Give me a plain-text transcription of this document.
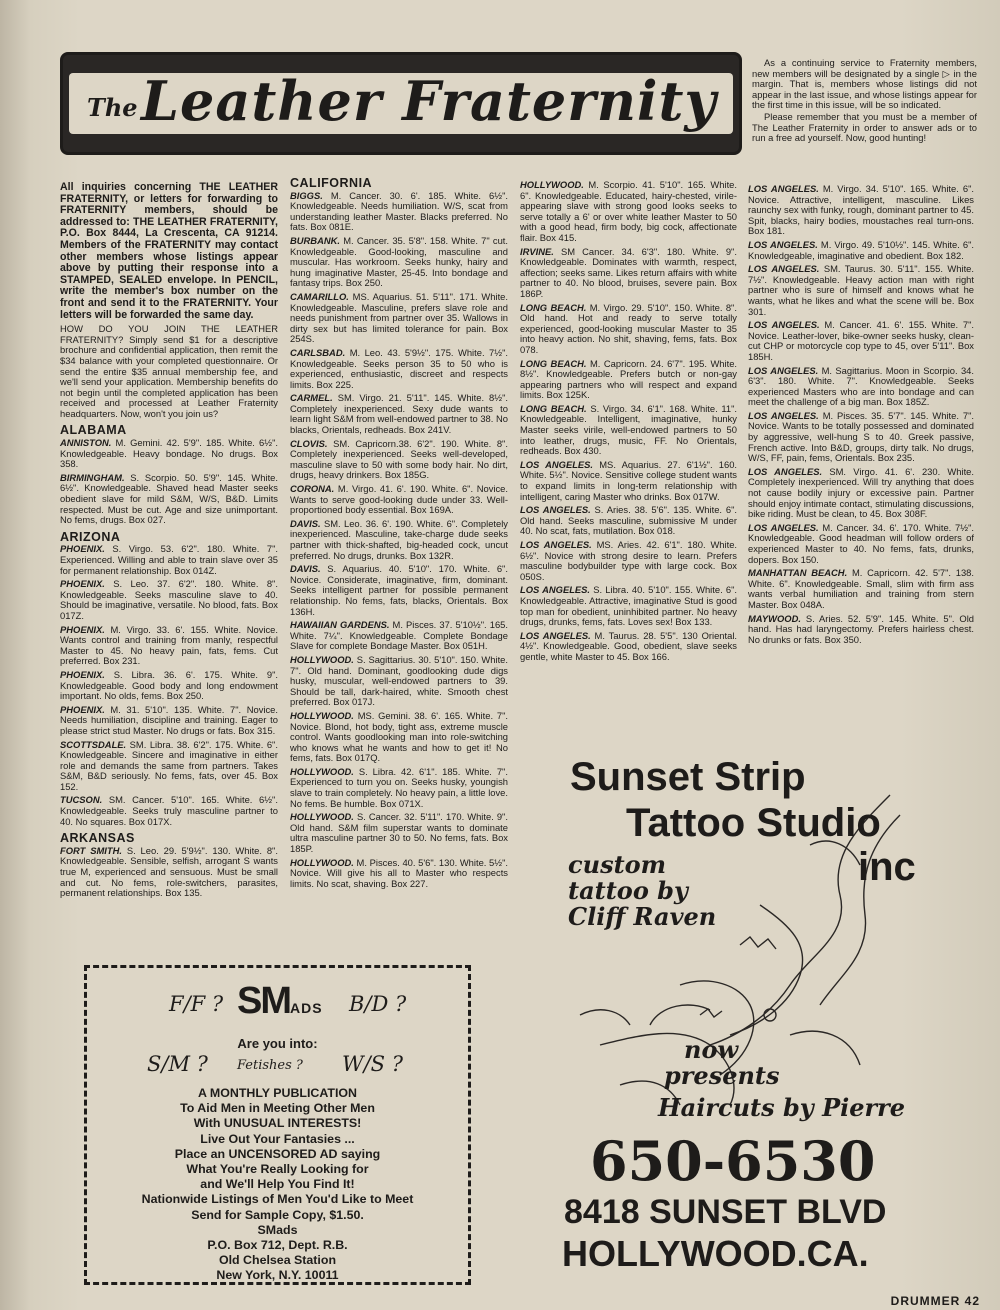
The Leather Fraternity

As a continuing service to Fraternity members, new members will be designated by a single ▷ in the margin. That is, members whose listings did not appear in the last issue, and whose listings appear for the first time in this issue, will be so indicated.

Please remember that you must be a member of The Leather Fraternity in order to answer ads or to run a free ad yourself. Now, good hunting!

All inquiries concerning THE LEATHER FRATERNITY, or letters for forwarding to FRATERNITY members, should be addressed to: THE LEATHER FRATERNITY, P.O. Box 8444, La Crescenta, CA 91214. Members of the FRATERNITY may contact other members whose listings appear above by putting their response into a STAMPED, SEALED envelope. In PENCIL, write the member's box number on the front and send it to the FRATERNITY. Your letters will be forwarded the same day.

HOW DO YOU JOIN THE LEATHER FRATERNITY? Simply send $1 for a descriptive brochure and confidential application, then remit the $34 balance with your completed questionnaire. Or send the entire $35 annual membership fee, and we'll send your application. Membership benefits do not begin until the completed application has been received and processed at Leather Fraternity headquarters. Now, won't you join us?

ALABAMA

ANNISTON. M. Gemini. 42. 5'9". 185. White. 6½". Knowledgeable. Heavy bondage. No drugs. Box 358.

BIRMINGHAM. S. Scorpio. 50. 5'9". 145. White. 6½". Knowledgeable. Shaved head Master seeks obedient slave for mild S&M, W/S, B&D. Limits respected. Must be cut. Age and size unimportant. No fems, drugs. Box 027.

ARIZONA

PHOENIX. S. Virgo. 53. 6'2". 180. White. 7". Experienced. Willing and able to train slave over 35 for permanent relationship. Box 014Z.

PHOENIX. S. Leo. 37. 6'2". 180. White. 8". Knowledgeable. Seeks masculine slave to 40. Should be imaginative, versatile. No blood, fats. Box 017Z.

PHOENIX. M. Virgo. 33. 6'. 155. White. Novice. Wants control and training from manly, respectful Master to 45. No heavy pain, fats, fems. Cut preferred. Box 231.

PHOENIX. S. Libra. 36. 6'. 175. White. 9". Knowledgeable. Good body and long endowment important. No olds, fems. Box 250.

PHOENIX. M. 31. 5'10". 135. White. 7". Novice. Needs humiliation, discipline and training. Eager to please strict stud Master. No drugs or fats. Box 315.

SCOTTSDALE. SM. Libra. 38. 6'2". 175. White. 6". Knowledgeable. Sincere and imaginative in either role and demands the same from partners. Takes S&M, B&D seriously. No fems, fats, over 45. Box 152.

TUCSON. SM. Cancer. 5'10". 165. White. 6½". Knowledgeable. Seeks truly masculine partner to 40. No squares. Box 017X.

ARKANSAS

FORT SMITH. S. Leo. 29. 5'9½". 130. White. 8". Knowledgeable. Sensible, selfish, arrogant S wants true M, experienced and sensuous. Must be small and cut. No fems, role-switchers, parasites, permanent relationships. Box 135.

CALIFORNIA

BIGGS. M. Cancer. 30. 6'. 185. White. 6½". Knowledgeable. Needs humiliation. W/S, scat from understanding leather Master. Blacks preferred. No fats. Box 081E.

BURBANK. M. Cancer. 35. 5'8". 158. White. 7" cut. Knowledgeable. Good-looking, masculine and muscular. Has workroom. Seeks hunky, hairy and hung imaginative Master, 25-45. Into bondage and fantasy trips. Box 250.

CAMARILLO. MS. Aquarius. 51. 5'11". 171. White. Knowledgeable. Masculine, prefers slave role and needs punishment from partner over 35. Wallows in dirty sex but has limited tolerance for pain. Box 254S.

CARLSBAD. M. Leo. 43. 5'9½". 175. White. 7½". Knowledgeable. Seeks person 35 to 50 who is experienced, enthusiastic, discreet and respects limits. Box 225.

CARMEL. SM. Virgo. 21. 5'11". 145. White. 8½". Completely inexperienced. Sexy dude wants to learn light S&M from well-endowed partner to 38. No blacks, Orientals, redheads. Box 241V.

CLOVIS. SM. Capricorn.38. 6'2". 190. White. 8". Completely inexperienced. Seeks well-developed, masculine slave to 50 with some body hair. No dirt, drugs, heavy drinkers. Box 185G.

CORONA. M. Virgo. 41. 6'. 190. White. 6". Novice. Wants to serve good-looking dude under 33. Well-proportioned body essential. Box 169A.

DAVIS. SM. Leo. 36. 6'. 190. White. 6". Completely inexperienced. Masculine, take-charge dude seeks partner with thick-shafted, big-headed cock, uncut preferred. No drugs, drunks. Box 132R.

DAVIS. S. Aquarius. 40. 5'10". 170. White. 6". Novice. Considerate, imaginative, firm, dominant. Seeks intelligent partner for possible permanent relationship. No fems, fats, blacks, Orientals. Box 136H.

HAWAIIAN GARDENS. M. Pisces. 37. 5'10½". 165. White. 7¼". Knowledgeable. Complete Bondage Slave for complete Bondage Master. Box 051H.

HOLLYWOOD. S. Sagittarius. 30. 5'10". 150. White. 7". Old hand. Dominant, goodlooking dude digs husky, muscular, well-endowed partners to 39. Should be tall, dark-haired, white. Smooth chest preferred. Box 017J.

HOLLYWOOD. MS. Gemini. 38. 6'. 165. White. 7". Novice. Blond, hot body, tight ass, extreme muscle control. Wants goodlooking man into role-switching who knows what he wants and how to get it! No fems, fats. Box 017Q.

HOLLYWOOD. S. Libra. 42. 6'1". 185. White. 7". Experienced to turn you on. Seeks husky, youngish slave to train completely. No heavy pain, a little love. No fems. Be humble. Box 071X.

HOLLYWOOD. S. Cancer. 32. 5'11". 170. White. 9". Old hand. S&M film superstar wants to dominate ultra masculine partner 30 to 50. No fems, fats. Box 185P.

HOLLYWOOD. M. Pisces. 40. 5'6". 130. White. 5½". Novice. Will give his all to Master who respects limits. No scat, shaving. Box 227.

HOLLYWOOD. M. Scorpio. 41. 5'10". 165. White. 6". Knowledgeable. Educated, hairy-chested, virile-appearing slave with strong good looks seeks to serve totally a 6' or over white leather Master to 50 with a good head, firm body, big cock, affectionate flair. Box 415.

IRVINE. SM Cancer. 34. 6'3". 180. White. 9". Knowledgeable. Dominates with warmth, respect, affection; seeks same. Likes return affairs with white partner to 40. No blood, bruises, severe pain. Box 186P.

LONG BEACH. M. Virgo. 29. 5'10". 150. White. 8". Old hand. Hot and ready to serve totally experienced, good-looking muscular Master to 35 into heavy action. No shit, shaving, fems, fats. Box 078.

LONG BEACH. M. Capricorn. 24. 6'7". 195. White. 8½". Knowledgeable. Prefers butch or non-gay appearing partners who will respect and expand limits. Box 125K.

LONG BEACH. S. Virgo. 34. 6'1". 168. White. 11". Knowledgeable. Intelligent, imaginative, hunky Master seeks virile, well-endowed partners to 50 into leather, drugs, music, FF. No Orientals, redheads. Box 430.

LOS ANGELES. MS. Aquarius. 27. 6'1½". 160. White. 5½". Novice. Sensitive college student wants to expand limits in long-term relationship with intelligent, caring Master who drinks. Box 017W.

LOS ANGELES. S. Aries. 38. 5'6". 135. White. 6". Old hand. Seeks masculine, submissive M under 40. No scat, fats, mutilation. Box 018.

LOS ANGELES. MS. Aries. 42. 6'1". 180. White. 6½". Novice with strong desire to learn. Prefers masculine bodybuilder type with large cock. Box 050S.

LOS ANGELES. S. Libra. 40. 5'10". 155. White. 6". Knowledgeable. Attractive, imaginative Stud is good top man for obedient, uninhibited partner. No heavy drugs, drunks, fems, fats. Loves sex! Box 133.

LOS ANGELES. M. Taurus. 28. 5'5". 130 Oriental. 4½". Knowledgeable. Good, obedient, slave seeks gentle, white Master to 45. Box 166.

LOS ANGELES. M. Virgo. 34. 5'10". 165. White. 6". Novice. Attractive, intelligent, masculine. Likes raunchy sex with funky, rough, dominant partner to 45. Spit, blacks, hairy bodies, moustaches real turn-ons. Box 181.

LOS ANGELES. M. Virgo. 49. 5'10½". 145. White. 6". Knowledgeable, imaginative and obedient. Box 182.

LOS ANGELES. SM. Taurus. 30. 5'11". 155. White. 7½". Knowledgeable. Heavy action man with right partner who is sure of himself and knows what he wants, what he likes and what the scene will be. Box 301.

LOS ANGELES. M. Cancer. 41. 6'. 155. White. 7". Novice. Leather-lover, bike-owner seeks husky, clean-cut CHP or motorcycle cop type to 45, over 5'11". Box 185H.

LOS ANGELES. M. Sagittarius. Moon in Scorpio. 34. 6'3". 180. White. 7". Knowledgeable. Seeks experienced Masters who are into bondage and can meet the challenge of a big man. Box 185Z.

LOS ANGELES. M. Pisces. 35. 5'7". 145. White. 7". Novice. Wants to be totally possessed and dominated by aggressive, well-hung S to 40. Greek passive, French active. Into B&D, groups, dirty talk. No drugs, W/S, FF, pain, fems, Orientals. Box 235.

LOS ANGELES. SM. Virgo. 41. 6'. 230. White. Completely inexperienced. Will try anything that does not cause bodily injury or excessive pain. Partner should enjoy intimate contact, stimulating discussions, bike riding. Must be clean, to 45. Box 308F.

LOS ANGELES. M. Cancer. 34. 6'. 170. White. 7½". Knowledgeable. Good headman will follow orders of experienced Master to 40. No fems, fats, drunks, dopers. Box 150.

MANHATTAN BEACH. M. Capricorn. 42. 5'7". 138. White. 6". Knowledgeable. Small, slim with firm ass wants verbal humiliation and training from stern Master. Box 048A.

MAYWOOD. S. Aries. 52. 5'9". 145. White. 5". Old hand. Has had laryngectomy. Prefers hairless chest. No drunks or fats. Box 350.

F/F ? SMADS B/D ?
Are you into:
S/M ? Fetishes ? W/S ?
A MONTHLY PUBLICATION
To Aid Men in Meeting Other Men
With UNUSUAL INTERESTS!
Live Out Your Fantasies ...
Place an UNCENSORED AD saying
What You're Really Looking for
and We'll Help You Find It!
Nationwide Listings of Men You'd Like to Meet
Send for Sample Copy, $1.50.
SMads
P.O. Box 712, Dept. R.B.
Old Chelsea Station
New York, N.Y. 10011
Sunset Strip
Tattoo Studio
inc
custom
tattoo by
Cliff Raven
now
presents
Haircuts by Pierre
650-6530
8418 SUNSET BLVD
HOLLYWOOD.CA.
DRUMMER 42
